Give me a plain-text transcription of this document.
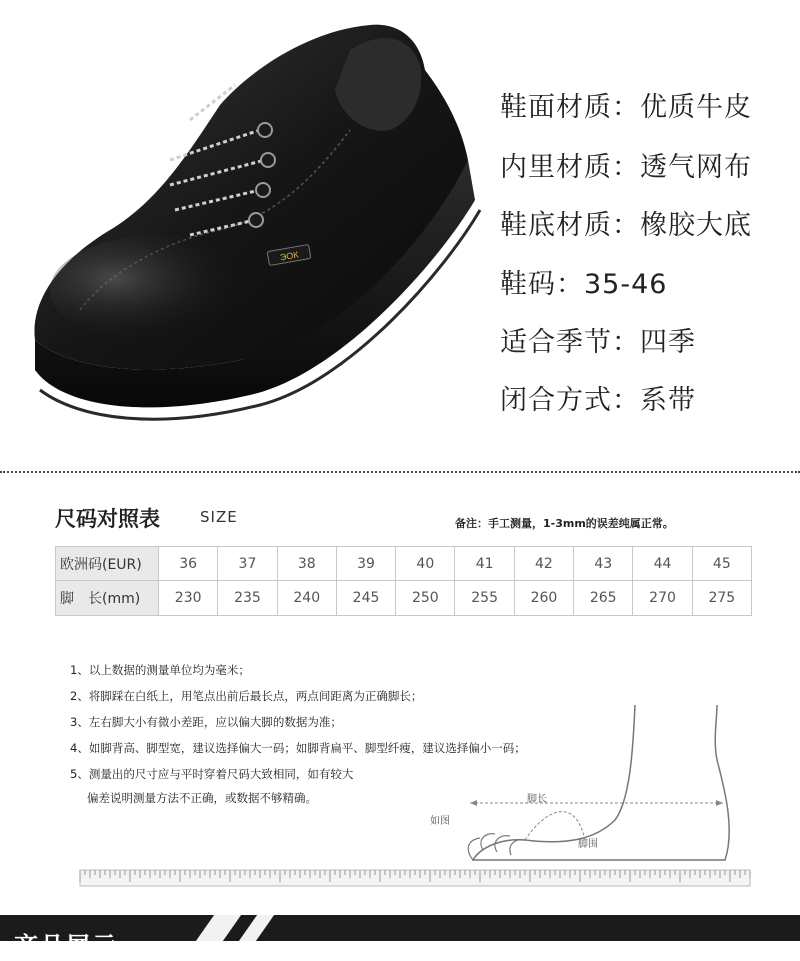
ЭОК
鞋面材质：优质牛皮
内里材质：透气网布
鞋底材质：橡胶大底
鞋码：35-46
适合季节：四季
闭合方式：系带
尺码对照表	SIZE	备注：手工测量，1-3mm的误差纯属正常。
欧洲码(EUR)	36	37	38	39	40	41	42	43	44	45
脚　长(mm)	230	235	240	245	250	255	260	265	270	275
1、以上数据的测量单位均为毫米；
2、将脚踩在白纸上，用笔点出前后最长点，两点间距离为正确脚长；
3、左右脚大小有微小差距，应以偏大脚的数据为准；
4、如脚背高、脚型宽，建议选择偏大一码；如脚背扁平、脚型纤瘦，建议选择偏小一码；
5、测量出的尺寸应与平时穿着尺码大致相同，如有较大
偏差说明测量方法不正确，或数据不够精确。
如图
脚长
脚围
产品展示
